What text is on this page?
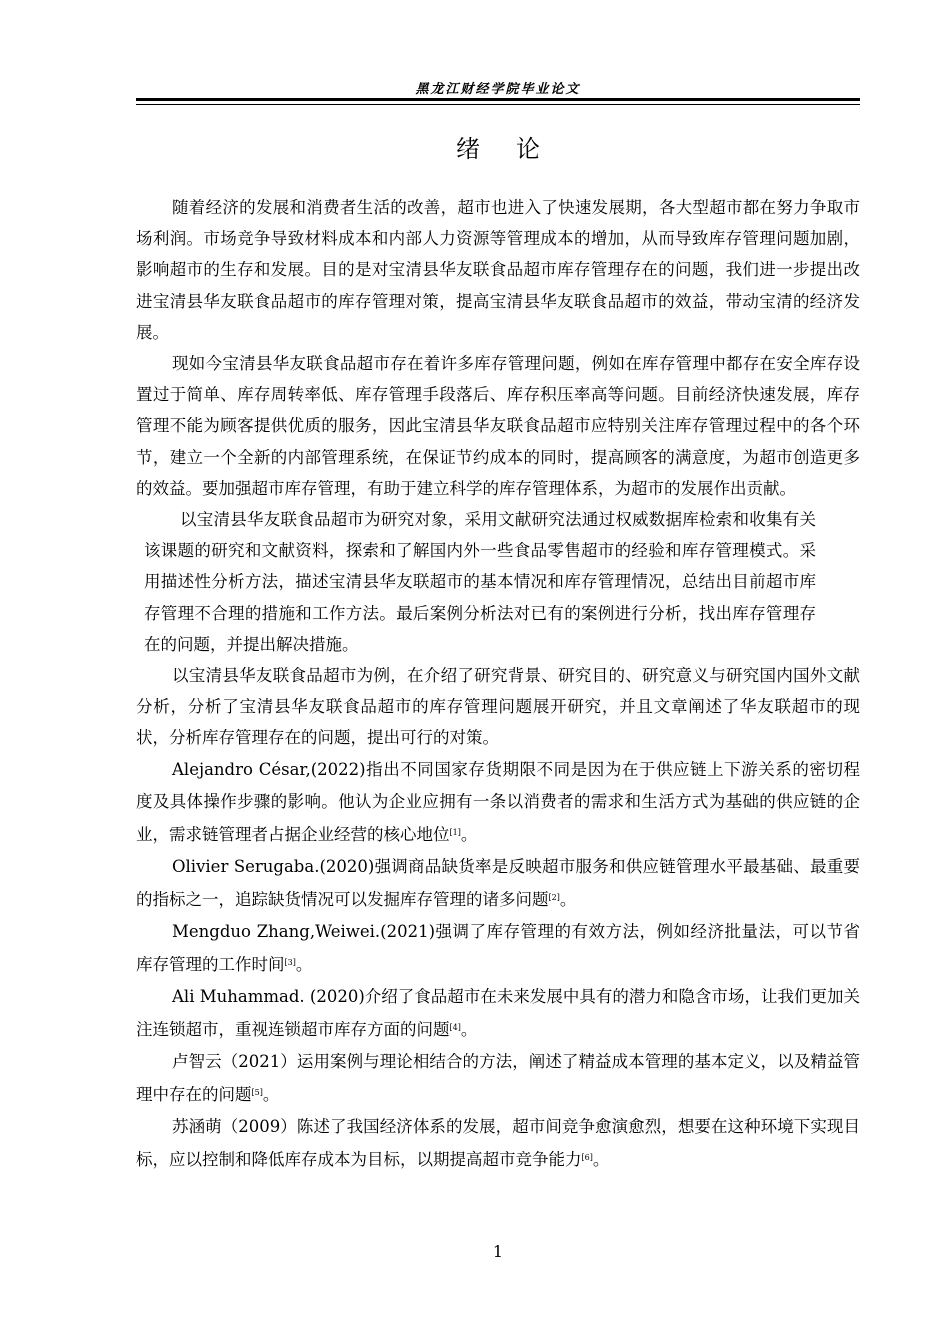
黑龙江财经学院毕业论文
绪论

随着经济的发展和消费者生活的改善，超市也进入了快速发展期，各大型超市都在努力争取市场利润。市场竞争导致材料成本和内部人力资源等管理成本的增加，从而导致库存管理问题加剧，影响超市的生存和发展。目的是对宝清县华友联食品超市库存管理存在的问题，我们进一步提出改进宝清县华友联食品超市的库存管理对策，提高宝清县华友联食品超市的效益，带动宝清的经济发展。

现如今宝清县华友联食品超市存在着许多库存管理问题，例如在库存管理中都存在安全库存设置过于简单、库存周转率低、库存管理手段落后、库存积压率高等问题。目前经济快速发展，库存管理不能为顾客提供优质的服务，因此宝清县华友联食品超市应特别关注库存管理过程中的各个环节，建立一个全新的内部管理系统，在保证节约成本的同时，提高顾客的满意度，为超市创造更多的效益。要加强超市库存管理，有助于建立科学的库存管理体系，为超市的发展作出贡献。

以宝清县华友联食品超市为研究对象，采用文献研究法通过权威数据库检索和收集有关该课题的研究和文献资料，探索和了解国内外一些食品零售超市的经验和库存管理模式。采用描述性分析方法，描述宝清县华友联超市的基本情况和库存管理情况，总结出目前超市库存管理不合理的措施和工作方法。最后案例分析法对已有的案例进行分析，找出库存管理存在的问题，并提出解决措施。

以宝清县华友联食品超市为例，在介绍了研究背景、研究目的、研究意义与研究国内国外文献分析，分析了宝清县华友联食品超市的库存管理问题展开研究，并且文章阐述了华友联超市的现状，分析库存管理存在的问题，提出可行的对策。

Alejandro César,(2022)指出不同国家存货期限不同是因为在于供应链上下游关系的密切程度及具体操作步骤的影响。他认为企业应拥有一条以消费者的需求和生活方式为基础的供应链的企业，需求链管理者占据企业经营的核心地位[1]。

Olivier Serugaba.(2020)强调商品缺货率是反映超市服务和供应链管理水平最基础、最重要的指标之一，追踪缺货情况可以发掘库存管理的诸多问题[2]。

Mengduo Zhang,Weiwei.(2021)强调了库存管理的有效方法，例如经济批量法，可以节省库存管理的工作时间[3]。

Ali Muhammad. (2020)介绍了食品超市在未来发展中具有的潜力和隐含市场，让我们更加关注连锁超市，重视连锁超市库存方面的问题[4]。

卢智云（2021）运用案例与理论相结合的方法，阐述了精益成本管理的基本定义，以及精益管理中存在的问题[5]。

苏涵萌（2009）陈述了我国经济体系的发展，超市间竞争愈演愈烈，想要在这种环境下实现目标，应以控制和降低库存成本为目标，以期提高超市竞争能力[6]。

1
